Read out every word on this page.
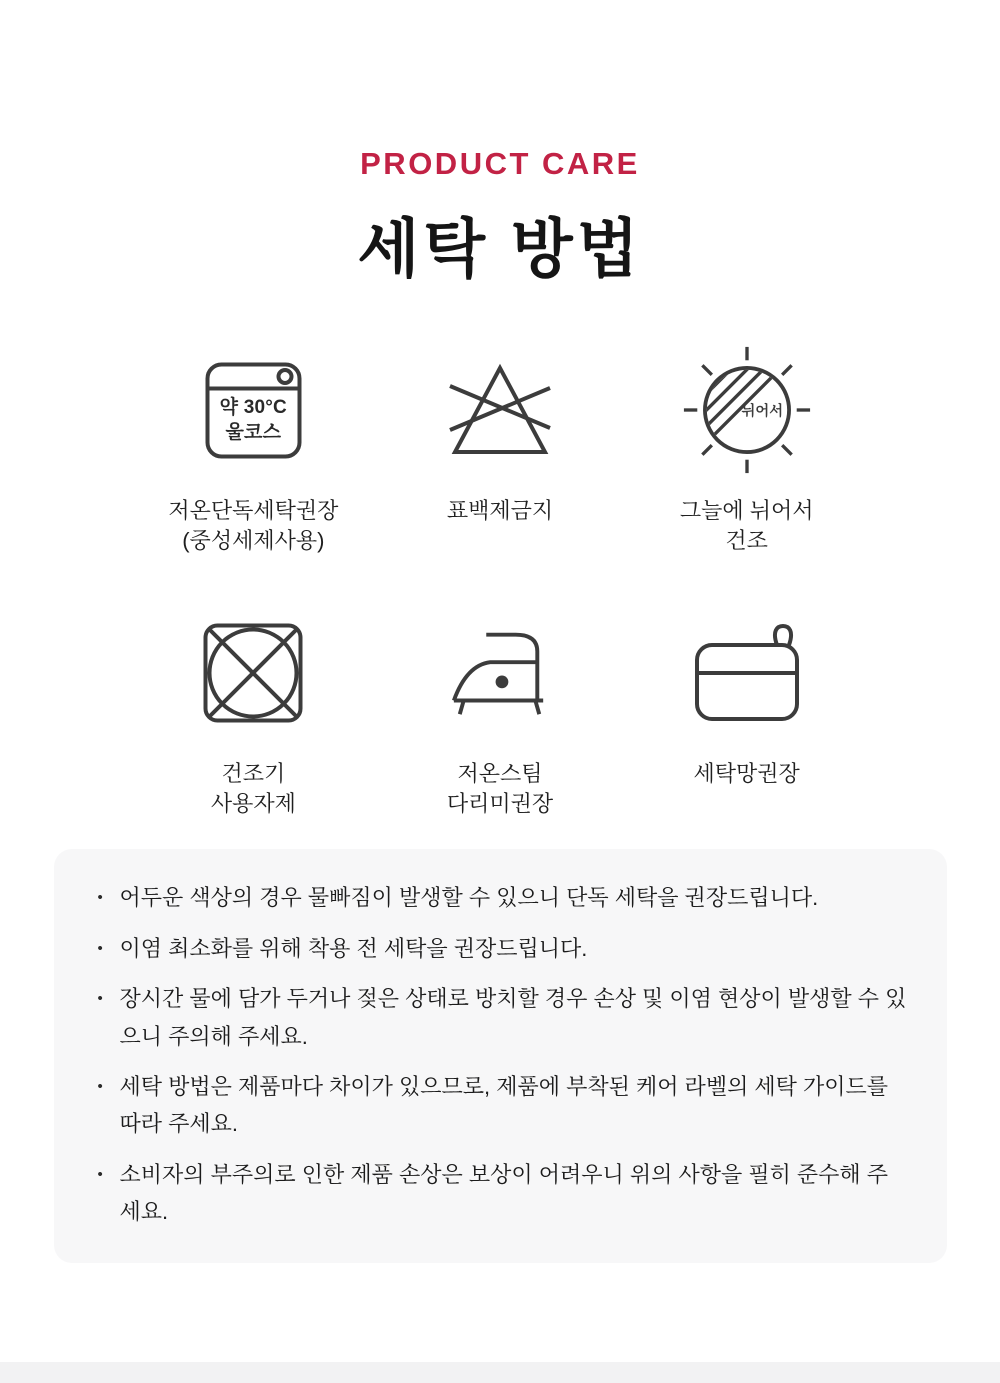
PRODUCT CARE
세탁 방법
약 30°C
울코스
저온단독세탁권장
(중성세제사용)
표백제금지
뉘어서
그늘에 뉘어서
건조
건조기
사용자제
저온스팀
다리미권장
세탁망권장
• 어두운 색상의 경우 물빠짐이 발생할 수 있으니 단독 세탁을 권장드립니다.
• 이염 최소화를 위해 착용 전 세탁을 권장드립니다.
• 장시간 물에 담가 두거나 젖은 상태로 방치할 경우 손상 및 이염 현상이 발생할 수 있으니 주의해 주세요.
• 세탁 방법은 제품마다 차이가 있으므로, 제품에 부착된 케어 라벨의 세탁 가이드를 따라 주세요.
• 소비자의 부주의로 인한 제품 손상은 보상이 어려우니 위의 사항을 필히 준수해 주세요.
